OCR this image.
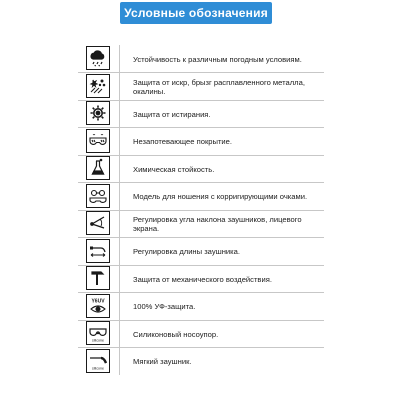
Условные обозначения
Устойчивость к различным погодным условиям.
Защита от искр, брызг расплавленного металла, окалины.
Защита от истирания.
Незапотевающее покрытие.
Химическая стойкость.
Модель для ношения с корригирующими очками.
Регулировка угла наклона заушников, лицевого экрана.
Регулировка длины заушника.
Защита от механического воздействия.
Y6UV
100% УФ-защита.
silicone
Силиконовый носоупор.
silicone
Мягкий заушник.
